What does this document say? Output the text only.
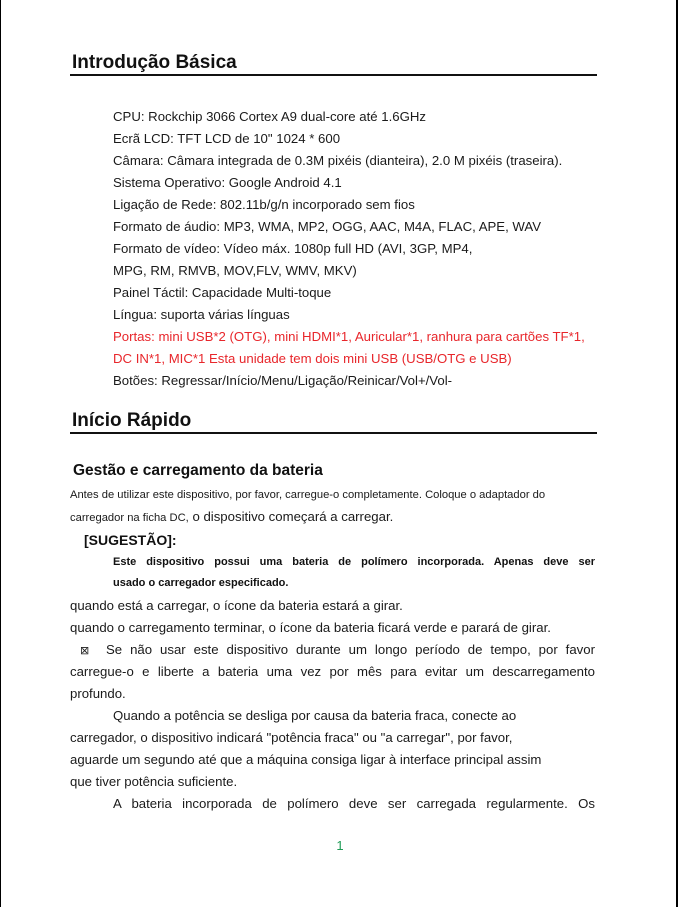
Introdução Básica
CPU: Rockchip 3066 Cortex A9 dual-core até 1.6GHz
Ecrã LCD: TFT LCD de 10" 1024 * 600
Câmara: Câmara integrada de 0.3M pixéis (dianteira), 2.0 M pixéis (traseira).
Sistema Operativo: Google Android 4.1
Ligação de Rede: 802.11b/g/n incorporado sem fios
Formato de áudio: MP3, WMA, MP2, OGG, AAC, M4A, FLAC, APE, WAV
Formato de vídeo: Vídeo máx. 1080p full HD (AVI, 3GP, MP4,
MPG, RM, RMVB, MOV,FLV, WMV, MKV)
Painel Táctil: Capacidade Multi-toque
Língua: suporta várias línguas
Portas: mini USB*2 (OTG), mini HDMI*1, Auricular*1, ranhura para cartões TF*1,
DC IN*1, MIC*1 Esta unidade tem dois mini USB (USB/OTG e USB)
Botões: Regressar/Início/Menu/Ligação/Reinicar/Vol+/Vol-
Início Rápido
Gestão e carregamento da bateria
Antes de utilizar este dispositivo, por favor, carregue-o completamente. Coloque o adaptador do
carregador na ficha DC, o dispositivo começará a carregar.
[SUGESTÃO]:
Este dispositivo possui uma bateria de polímero incorporada. Apenas deve ser
usado o carregador especificado.
quando está a carregar, o ícone da bateria estará a girar.
quando o carregamento terminar, o ícone da bateria ficará verde e parará de girar.
⊠ Se não usar este dispositivo durante um longo período de tempo, por favor
carregue-o e liberte a bateria uma vez por mês para evitar um descarregamento
profundo.
Quando a potência se desliga por causa da bateria fraca, conecte ao
carregador, o dispositivo indicará "potência fraca" ou "a carregar", por favor,
aguarde um segundo até que a máquina consiga ligar à interface principal assim
que tiver potência suficiente.
A bateria incorporada de polímero deve ser carregada regularmente. Os
1
